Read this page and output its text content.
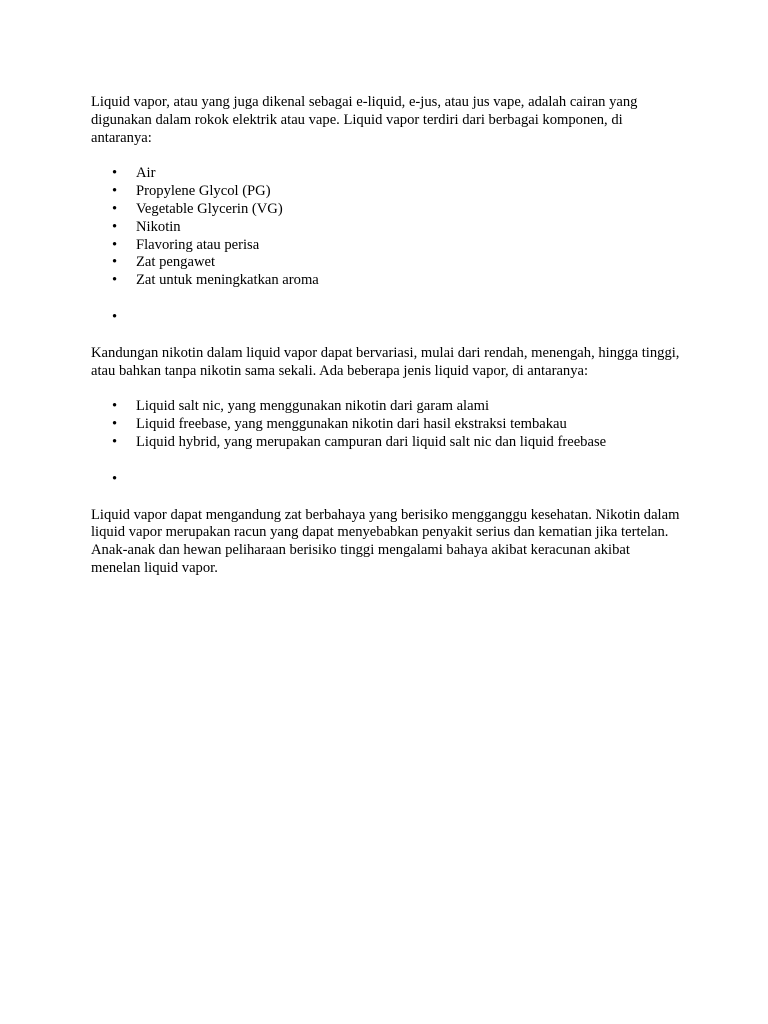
Liquid vapor, atau yang juga dikenal sebagai e-liquid, e-jus, atau jus vape, adalah cairan yang digunakan dalam rokok elektrik atau vape. Liquid vapor terdiri dari berbagai komponen, di antaranya:

• Air
• Propylene Glycol (PG)
• Vegetable Glycerin (VG)
• Nikotin
• Flavoring atau perisa
• Zat pengawet
• Zat untuk meningkatkan aroma
•

Kandungan nikotin dalam liquid vapor dapat bervariasi, mulai dari rendah, menengah, hingga tinggi, atau bahkan tanpa nikotin sama sekali. Ada beberapa jenis liquid vapor, di antaranya:

• Liquid salt nic, yang menggunakan nikotin dari garam alami
• Liquid freebase, yang menggunakan nikotin dari hasil ekstraksi tembakau
• Liquid hybrid, yang merupakan campuran dari liquid salt nic dan liquid freebase
•

Liquid vapor dapat mengandung zat berbahaya yang berisiko mengganggu kesehatan. Nikotin dalam liquid vapor merupakan racun yang dapat menyebabkan penyakit serius dan kematian jika tertelan. Anak-anak dan hewan peliharaan berisiko tinggi mengalami bahaya akibat keracunan akibat menelan liquid vapor.
